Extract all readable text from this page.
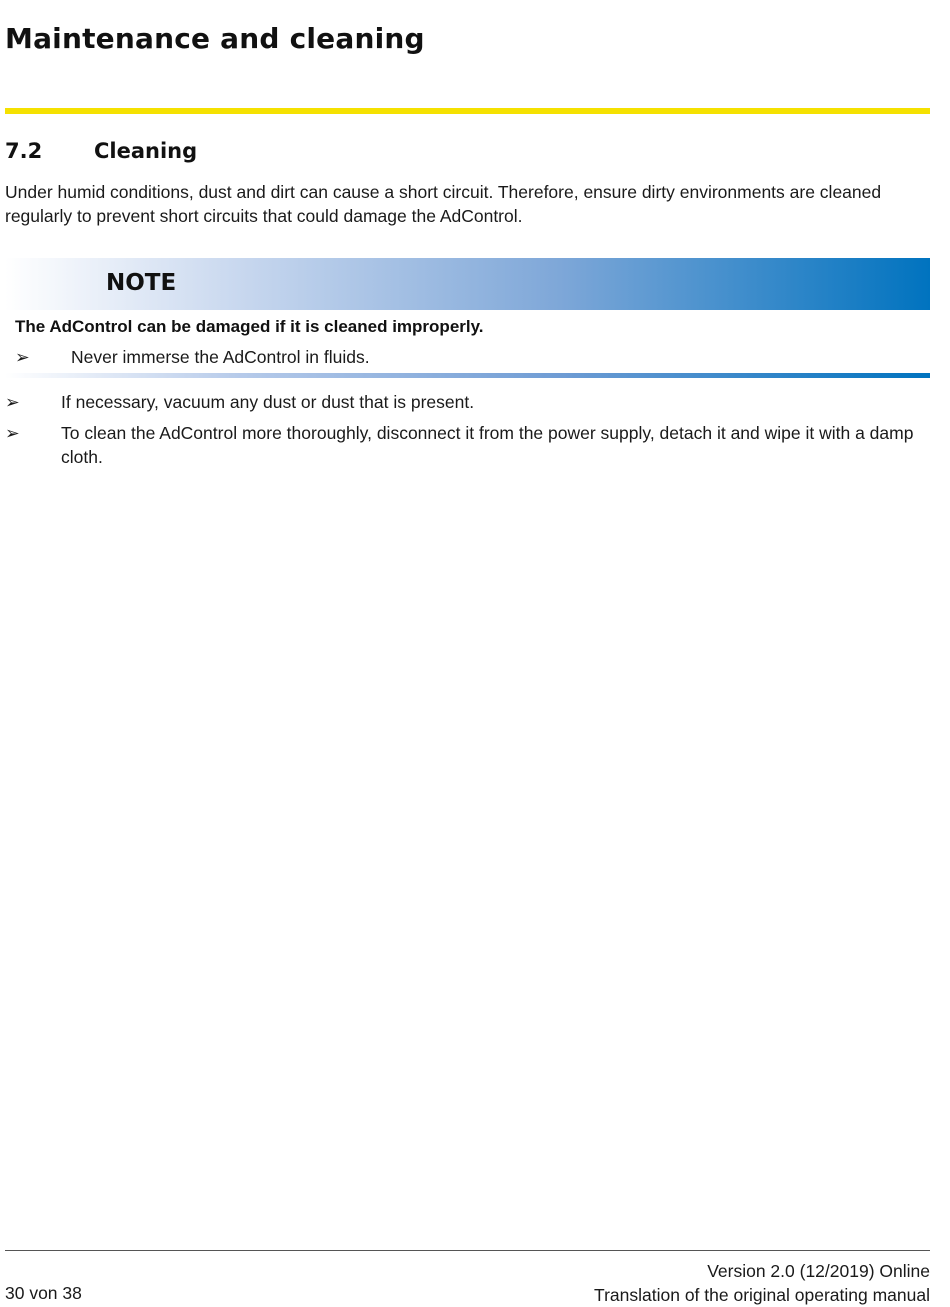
Maintenance and cleaning
7.2 Cleaning

Under humid conditions, dust and dirt can cause a short circuit. Therefore, ensure dirty environments are cleaned regularly to prevent short circuits that could damage the AdControl.

NOTE
The AdControl can be damaged if it is cleaned improperly.
➢ Never immerse the AdControl in fluids.
➢ If necessary, vacuum any dust or dust that is present.
➢ To clean the AdControl more thoroughly, disconnect it from the power supply, detach it and wipe it with a damp cloth.
30 von 38
Version 2.0 (12/2019) Online
Translation of the original operating manual
